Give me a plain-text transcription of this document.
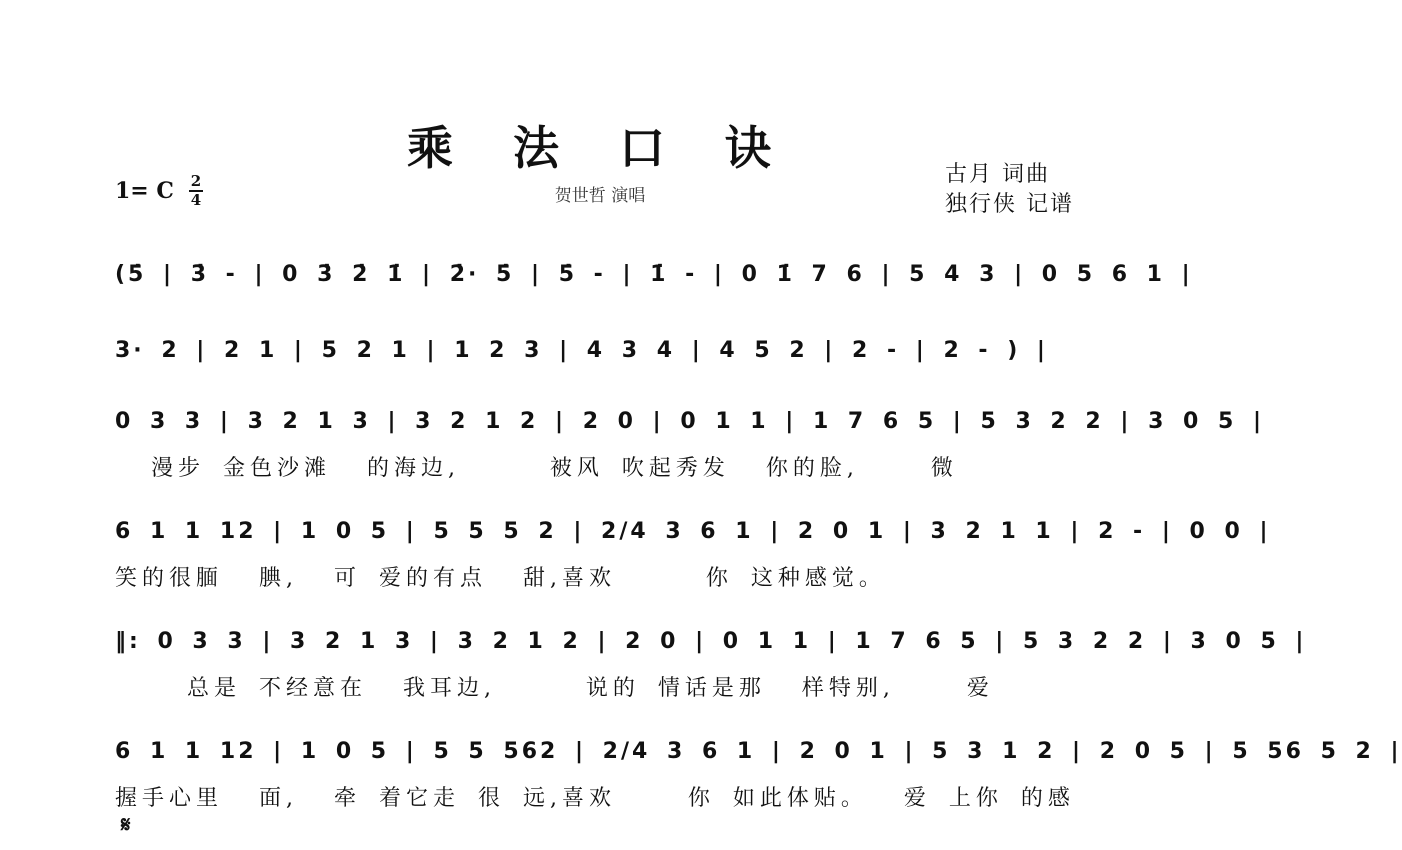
乘 法 口 诀
贺世哲 演唱
古月 词曲
独行侠 记谱
1= C 2
4
(5̇ | 3̇ - | 0 3̇ 2̇ 1̇ | 2̇· 5̇ | 5̇ - | 1̇ - | 0 1̇ 7 6 | 5 4 3 | 0 5 6 1 |
3· 2 | 2 1 | 5 2 1 | 1 2 3 | 4 3 4 | 4 5 2 | 2 - | 2 - ) |
0 3 3 | 3 2 1 3 | 3 2 1 2 | 2 0 | 0 1 1 | 1 7 6 5 | 5 3 2 2 | 3 0 5 |
漫步 金色沙滩  的海边,     被风 吹起秀发  你的脸,    微
6 1 1 12 | 1 0 5 | 5 5 5 2 | 2/4 3 6 1 | 2 0 1 | 3 2 1 1 | 2 - | 0 0 |
笑的很腼  腆,  可 爱的有点  甜,喜欢     你 这种感觉。
‖: 0 3 3 | 3 2 1 3 | 3 2 1 2 | 2 0 | 0 1 1 | 1 7 6 5 | 5 3 2 2 | 3 0 5 |
总是 不经意在  我耳边,     说的 情话是那  样特别,    爱
6 1 1 12 | 1 0 5 | 5 5 562 | 2/4 3 6 1 | 2 0 1 | 5 3 1 2 | 2 0 5 | 5 56 5 2 |
握手心里  面,  牵 着它走 很 远,喜欢    你 如此体贴。  爱 上你 的感
𝄋
